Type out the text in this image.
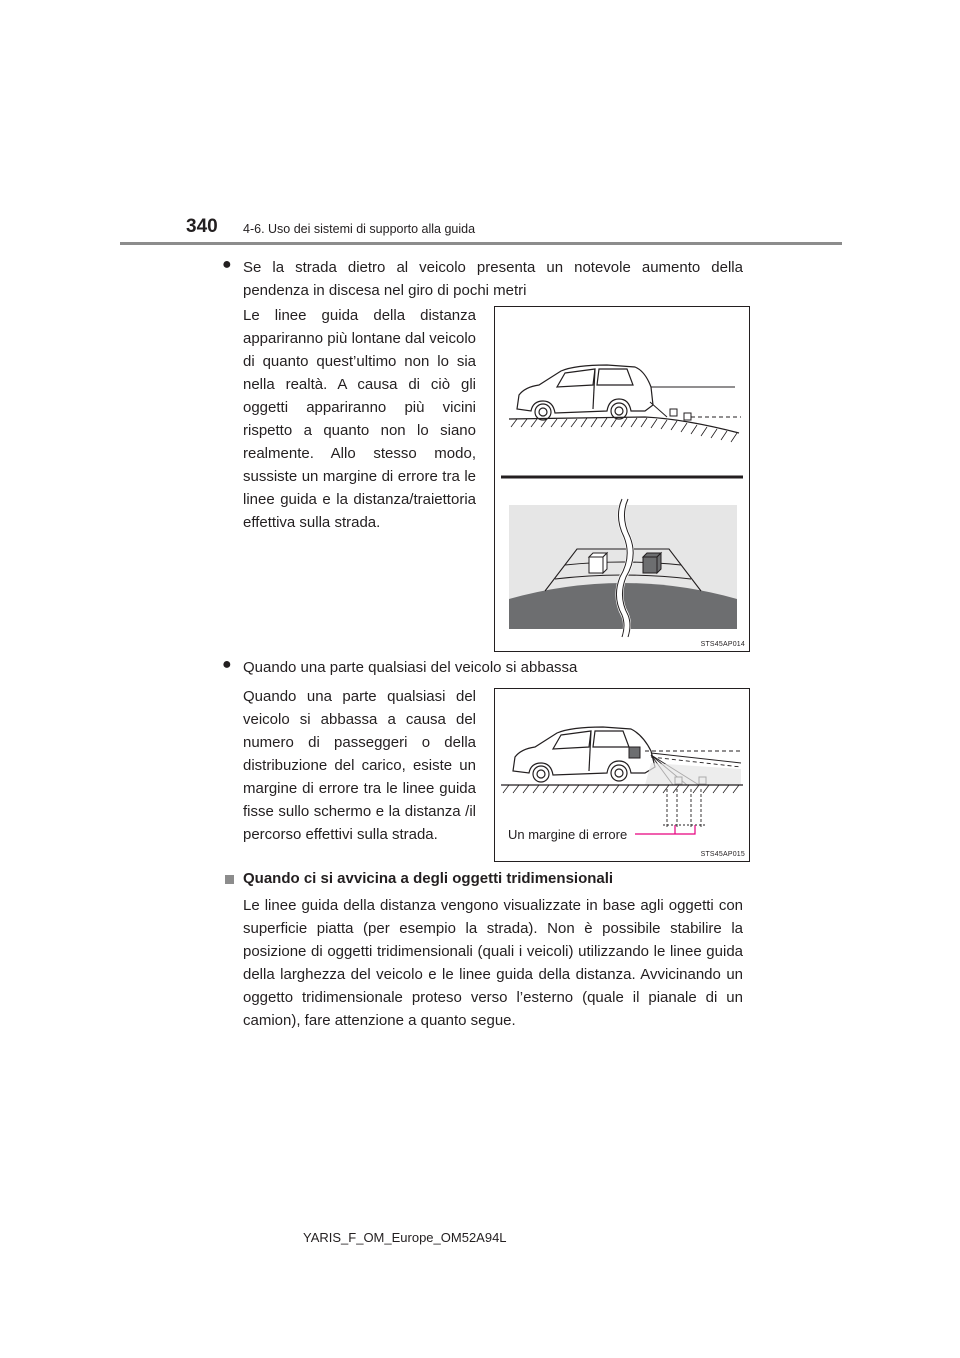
340 4-6. Uso dei sistemi di supporto alla guida
● Se la strada dietro al veicolo presenta un notevole aumento della pendenza in discesa nel giro di pochi metri
Le linee guida della distanza
appariranno più lontane dal veicolo
di quanto quest’ultimo non lo sia
nella realtà. A causa di ciò gli
oggetti appariranno più vicini
rispetto a quanto non lo siano
realmente. Allo stesso modo,
sussiste un margine di errore tra le
linee guida e la distanza/traiettoria
effettiva sulla strada.
STS45AP014
● Quando una parte qualsiasi del veicolo si abbassa
Quando una parte qualsiasi del
veicolo si abbassa a causa del
numero di passeggeri o della
distribuzione del carico, esiste un
margine di errore tra le linee guida
fisse sullo schermo e la distanza /il
percorso effettivi sulla strada.	Un margine di errore
STS45AP015
Quando ci si avvicina a degli oggetti tridimensionali
Le linee guida della distanza vengono visualizzate in base agli oggetti con
superficie piatta (per esempio la strada). Non è possibile stabilire la
posizione di oggetti tridimensionali (quali i veicoli) utilizzando le linee guida
della larghezza del veicolo e le linee guida della distanza. Avvicinando un
oggetto tridimensionale proteso verso l’esterno (quale il pianale di un
camion), fare attenzione a quanto segue.
YARIS_F_OM_Europe_OM52A94L
